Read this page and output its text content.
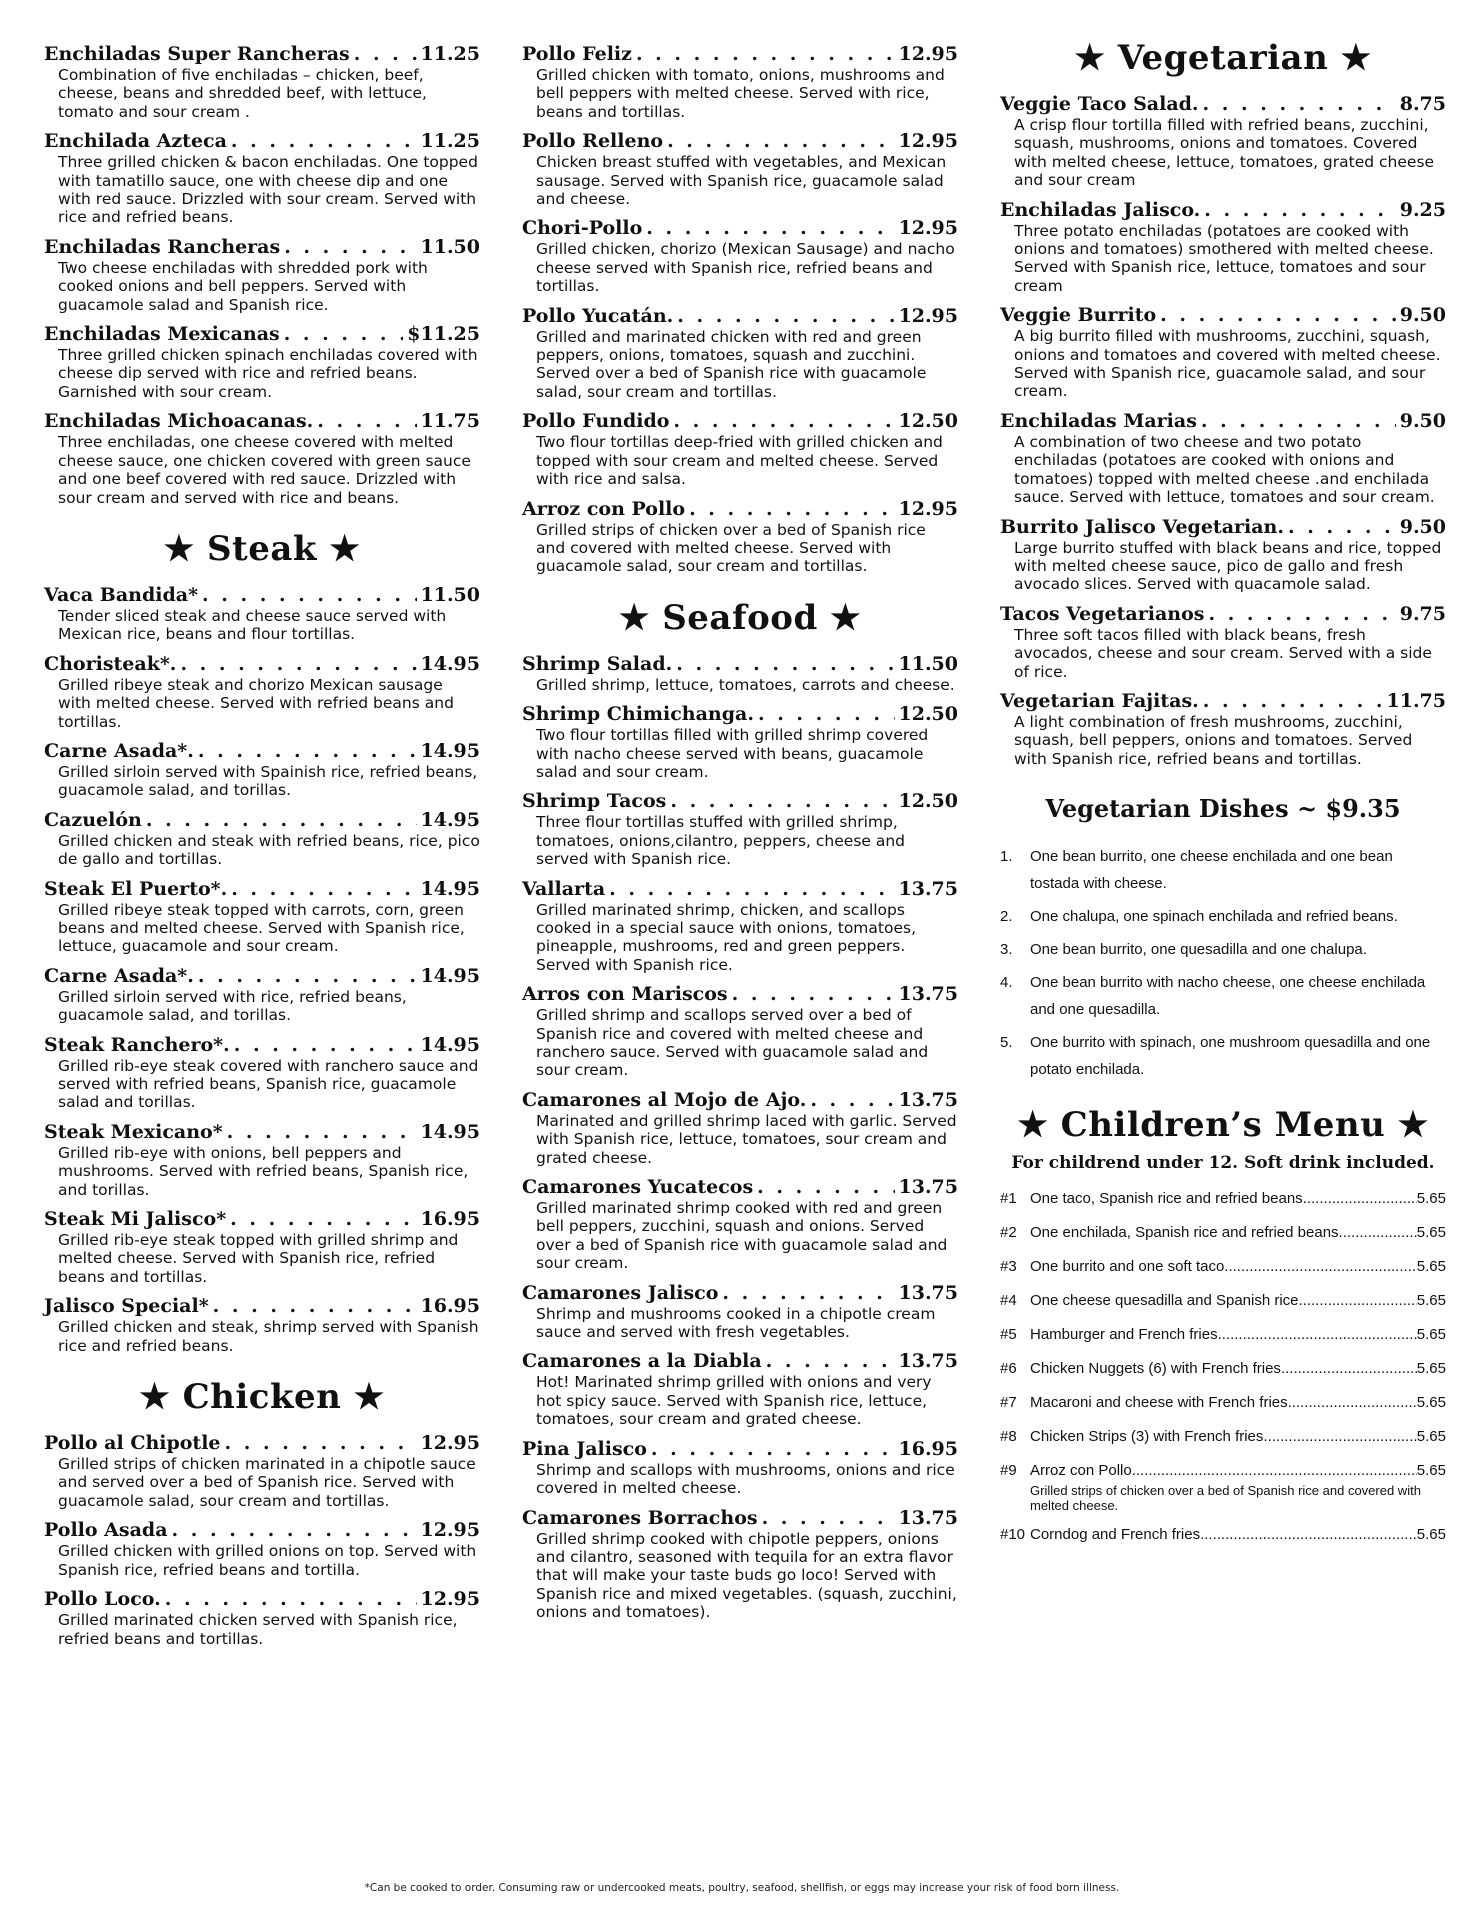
Enchiladas Super Rancheras . . .	11.25
Combination of five enchiladas – chicken, beef, cheese, beans and shredded beef, with lettuce, tomato and sour cream .
Enchilada Azteca . . .	11.25
Three grilled chicken & bacon enchiladas. One topped with tamatillo sauce, one with cheese dip and one with red sauce. Drizzled with sour cream. Served with rice and refried beans.
Enchiladas Rancheras . . .	11.50
Two cheese enchiladas with shredded pork with cooked onions and bell peppers. Served with guacamole salad and Spanish rice.
Enchiladas Mexicanas . . .	$11.25
Three grilled chicken spinach enchiladas covered with cheese dip served with rice and refried beans. Garnished with sour cream.
Enchiladas Michoacanas. . . .	11.75
Three enchiladas, one cheese covered with melted cheese sauce, one chicken covered with green sauce and one beef covered with red sauce. Drizzled with sour cream and served with rice and beans.
★ Steak ★
Vaca Bandida* . . .	11.50
Tender sliced steak and cheese sauce served with Mexican rice, beans and flour tortillas.
Choristeak*. . . .	14.95
Grilled ribeye steak and chorizo Mexican sausage with melted cheese. Served with refried beans and tortillas.
Carne Asada*. . . .	14.95
Grilled sirloin served with Spainish rice, refried beans, guacamole salad, and torillas.
Cazuelón . . .	14.95
Grilled chicken and steak with refried beans, rice, pico de gallo and tortillas.
Steak El Puerto*. . . .	14.95
Grilled ribeye steak topped with carrots, corn, green beans and melted cheese. Served with Spanish rice, lettuce, guacamole and sour cream.
Carne Asada*. . . .	14.95
Grilled sirloin served with rice, refried beans, guacamole salad, and torillas.
Steak Ranchero*. . . .	14.95
Grilled rib-eye steak covered with ranchero sauce and served with refried beans, Spanish rice, guacamole salad and torillas.
Steak Mexicano* . . .	14.95
Grilled rib-eye with onions, bell peppers and mushrooms. Served with refried beans, Spanish rice, and torillas.
Steak Mi Jalisco* . . .	16.95
Grilled rib-eye steak topped with grilled shrimp and melted cheese. Served with Spanish rice, refried beans and tortillas.
Jalisco Special* . . .	16.95
Grilled chicken and steak, shrimp served with Spanish rice and refried beans.
★ Chicken ★
Pollo al Chipotle . . .	12.95
Grilled strips of chicken marinated in a chipotle sauce and served over a bed of Spanish rice. Served with guacamole salad, sour cream and tortillas.
Pollo Asada . . .	12.95
Grilled chicken with grilled onions on top. Served with Spanish rice, refried beans and tortilla.
Pollo Loco. . . .	12.95
Grilled marinated chicken served with Spanish rice, refried beans and tortillas.
Pollo Feliz . . .	12.95
Grilled chicken with tomato, onions, mushrooms and bell peppers with melted cheese. Served with rice, beans and tortillas.
Pollo Relleno . . .	12.95
Chicken breast stuffed with vegetables, and Mexican sausage. Served with Spanish rice, guacamole salad and cheese.
Chori-Pollo . . .	12.95
Grilled chicken, chorizo (Mexican Sausage) and nacho cheese served with Spanish rice, refried beans and tortillas.
Pollo Yucatán. . . .	12.95
Grilled and marinated chicken with red and green peppers, onions, tomatoes, squash and zucchini. Served over a bed of Spanish rice with guacamole salad, sour cream and tortillas.
Pollo Fundido . . .	12.50
Two flour tortillas deep-fried with grilled chicken and topped with sour cream and melted cheese. Served with rice and salsa.
Arroz con Pollo . . .	12.95
Grilled strips of chicken over a bed of Spanish rice and covered with melted cheese. Served with guacamole salad, sour cream and tortillas.
★ Seafood ★
Shrimp Salad. . . .	11.50
Grilled shrimp, lettuce, tomatoes, carrots and cheese.
Shrimp Chimichanga. . . .	12.50
Two flour tortillas filled with grilled shrimp covered with nacho cheese served with beans, guacamole salad and sour cream.
Shrimp Tacos . . .	12.50
Three flour tortillas stuffed with grilled shrimp, tomatoes, onions,cilantro, peppers, cheese and served with Spanish rice.
Vallarta . . .	13.75
Grilled marinated shrimp, chicken, and scallops cooked in a special sauce with onions, tomatoes, pineapple, mushrooms, red and green peppers. Served with Spanish rice.
Arros con Mariscos . . .	13.75
Grilled shrimp and scallops served over a bed of Spanish rice and covered with melted cheese and ranchero sauce. Served with guacamole salad and sour cream.
Camarones al Mojo de Ajo. . . .	13.75
Marinated and grilled shrimp laced with garlic. Served with Spanish rice, lettuce, tomatoes, sour cream and grated cheese.
Camarones Yucatecos . . .	13.75
Grilled marinated shrimp cooked with red and green bell peppers, zucchini, squash and onions. Served over a bed of Spanish rice with guacamole salad and sour cream.
Camarones Jalisco . . .	13.75
Shrimp and mushrooms cooked in a chipotle cream sauce and served with fresh vegetables.
Camarones a la Diabla . . .	13.75
Hot! Marinated shrimp grilled with onions and very hot spicy sauce. Served with Spanish rice, lettuce, tomatoes, sour cream and grated cheese.
Pina Jalisco . . .	16.95
Shrimp and scallops with mushrooms, onions and rice covered in melted cheese.
Camarones Borrachos . . .	13.75
Grilled shrimp cooked with chipotle peppers, onions and cilantro, seasoned with tequila for an extra flavor that will make your taste buds go loco! Served with Spanish rice and mixed vegetables. (squash, zucchini, onions and tomatoes).
★ Vegetarian ★
Veggie Taco Salad. . . .	8.75
A crisp flour tortilla filled with refried beans, zucchini, squash, mushrooms, onions and tomatoes. Covered with melted cheese, lettuce, tomatoes, grated cheese and sour cream
Enchiladas Jalisco. . . .	9.25
Three potato enchiladas (potatoes are cooked with onions and tomatoes) smothered with melted cheese. Served with Spanish rice, lettuce, tomatoes and sour cream
Veggie Burrito . . .	9.50
A big burrito filled with mushrooms, zucchini, squash, onions and tomatoes and covered with melted cheese. Served with Spanish rice, guacamole salad, and sour cream.
Enchiladas Marias . . .	9.50
A combination of two cheese and two potato enchiladas (potatoes are cooked with onions and tomatoes) topped with melted cheese .and enchilada sauce. Served with lettuce, tomatoes and sour cream.
Burrito Jalisco Vegetarian. . . .	9.50
Large burrito stuffed with black beans and rice, topped with melted cheese sauce, pico de gallo and fresh avocado slices. Served with quacamole salad.
Tacos Vegetarianos . . .	9.75
Three soft tacos filled with black beans, fresh avocados, cheese and sour cream. Served with a side of rice.
Vegetarian Fajitas. . . .	11.75
A light combination of fresh mushrooms, zucchini, squash, bell peppers, onions and tomatoes. Served with Spanish rice, refried beans and tortillas.
Vegetarian Dishes ~ $9.35
1.	One bean burrito, one cheese enchilada and one bean tostada with cheese.
2.	One chalupa, one spinach enchilada and refried beans.
3.	One bean burrito, one quesadilla and one chalupa.
4.	One bean burrito with nacho cheese, one cheese enchilada and one quesadilla.
5.	One burrito with spinach, one mushroom quesadilla and one potato enchilada.
★ Children’s Menu ★
For childrend under 12. Soft drink included.
#1 One taco, Spanish rice and refried beans .....	5.65
#2 One enchilada, Spanish rice and refried beans. .....	5.65
#3 One burrito and one soft taco .....	5.65
#4 One cheese quesadilla and Spanish rice .....	5.65
#5 Hamburger and French fries .....	5.65
#6 Chicken Nuggets (6) with French fries .....	5.65
#7 Macaroni and cheese with French fries .....	5.65
#8 Chicken Strips (3) with French fries .....	5.65
#9 Arroz con Pollo .....	5.65
Grilled strips of chicken over a bed of Spanish rice and covered with melted cheese.
#10 Corndog and French fries .....	5.65
*Can be cooked to order. Consuming raw or undercooked meats, poultry, seafood, shellfish, or eggs may increase your risk of food born illness.
